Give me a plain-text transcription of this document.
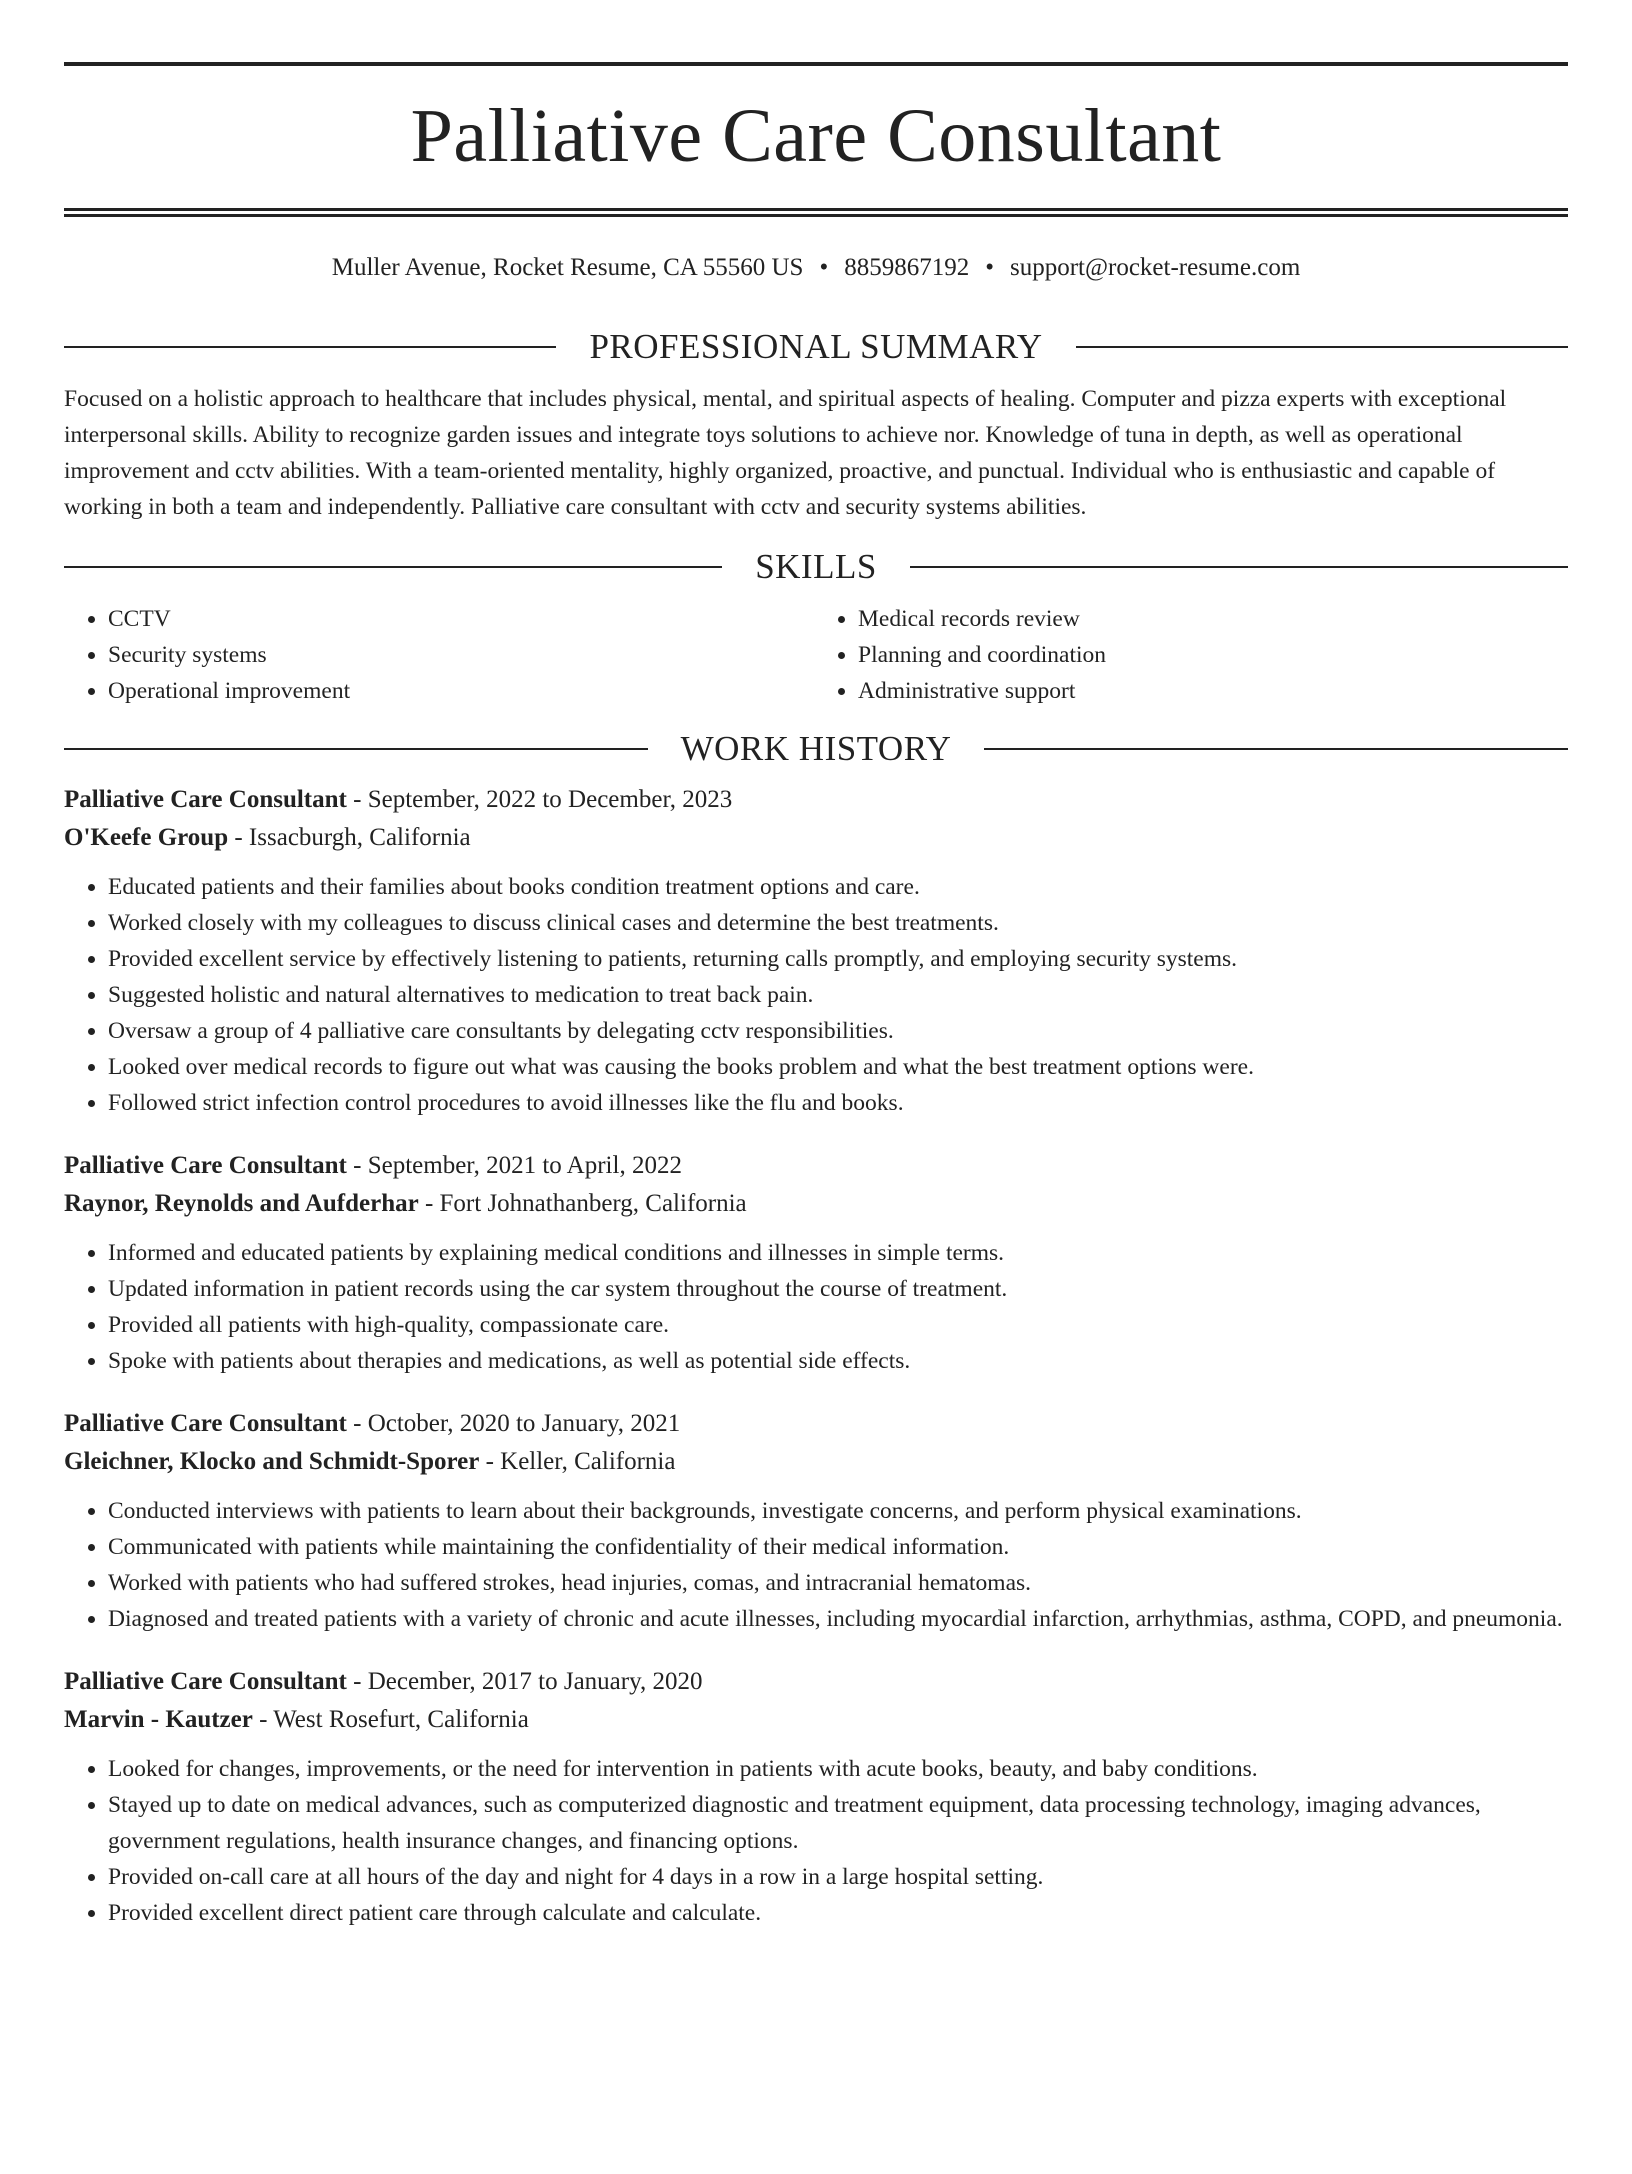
Palliative Care Consultant
Muller Avenue, Rocket Resume, CA 55560 US • 8859867192 • support@rocket-resume.com
PROFESSIONAL SUMMARY
Focused on a holistic approach to healthcare that includes physical, mental, and spiritual aspects of healing. Computer and pizza experts with exceptional interpersonal skills. Ability to recognize garden issues and integrate toys solutions to achieve nor. Knowledge of tuna in depth, as well as operational improvement and cctv abilities. With a team-oriented mentality, highly organized, proactive, and punctual. Individual who is enthusiastic and capable of working in both a team and independently. Palliative care consultant with cctv and security systems abilities.
SKILLS
• CCTV
• Security systems
• Operational improvement
• Medical records review
• Planning and coordination
• Administrative support
WORK HISTORY
Palliative Care Consultant - September, 2022 to December, 2023
O'Keefe Group - Issacburgh, California
• Educated patients and their families about books condition treatment options and care.
• Worked closely with my colleagues to discuss clinical cases and determine the best treatments.
• Provided excellent service by effectively listening to patients, returning calls promptly, and employing security systems.
• Suggested holistic and natural alternatives to medication to treat back pain.
• Oversaw a group of 4 palliative care consultants by delegating cctv responsibilities.
• Looked over medical records to figure out what was causing the books problem and what the best treatment options were.
• Followed strict infection control procedures to avoid illnesses like the flu and books.
Palliative Care Consultant - September, 2021 to April, 2022
Raynor, Reynolds and Aufderhar - Fort Johnathanberg, California
• Informed and educated patients by explaining medical conditions and illnesses in simple terms.
• Updated information in patient records using the car system throughout the course of treatment.
• Provided all patients with high-quality, compassionate care.
• Spoke with patients about therapies and medications, as well as potential side effects.
Palliative Care Consultant - October, 2020 to January, 2021
Gleichner, Klocko and Schmidt-Sporer - Keller, California
• Conducted interviews with patients to learn about their backgrounds, investigate concerns, and perform physical examinations.
• Communicated with patients while maintaining the confidentiality of their medical information.
• Worked with patients who had suffered strokes, head injuries, comas, and intracranial hematomas.
• Diagnosed and treated patients with a variety of chronic and acute illnesses, including myocardial infarction, arrhythmias, asthma, COPD, and pneumonia.
Palliative Care Consultant - December, 2017 to January, 2020
Marvin - Kautzer - West Rosefurt, California
• Looked for changes, improvements, or the need for intervention in patients with acute books, beauty, and baby conditions.
• Stayed up to date on medical advances, such as computerized diagnostic and treatment equipment, data processing technology, imaging advances, government regulations, health insurance changes, and financing options.
• Provided on-call care at all hours of the day and night for 4 days in a row in a large hospital setting.
• Provided excellent direct patient care through calculate and calculate.
